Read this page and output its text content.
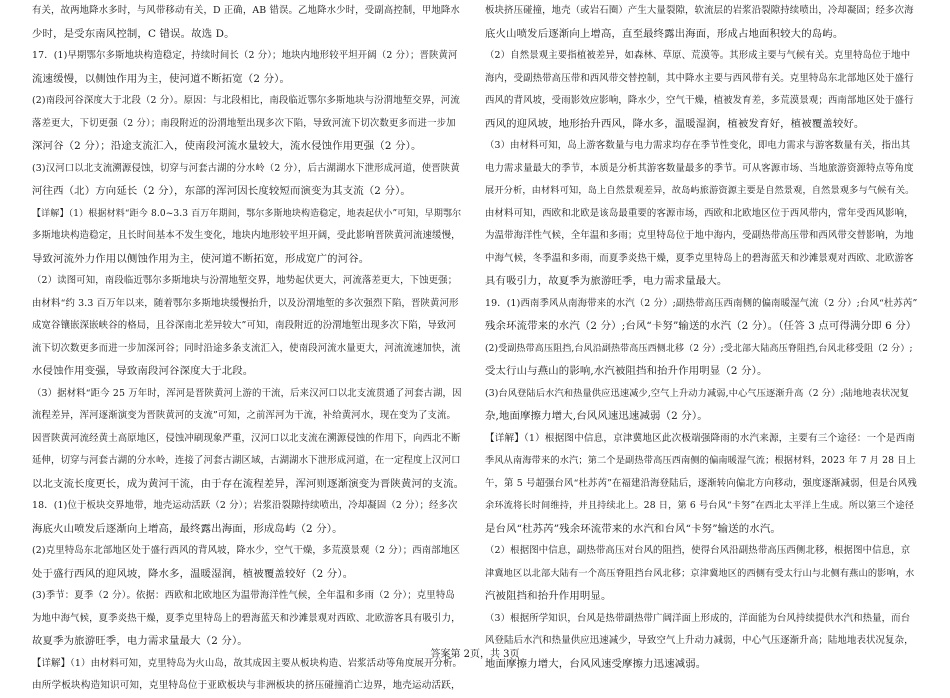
有关，故两地降水多时，与风带移动有关，D 正确，AB 错误。乙地降水少时，受副高控制，甲地降水
少时，是受东南风控制，C 错误。故选 D。
17．(1)早期鄂尔多斯地块构造稳定，持续时间长（2 分）；地块内地形较平坦开阔（2 分）；晋陕黄河
流速缓慢，以侧蚀作用为主，使河道不断拓宽（2 分）。
(2)南段河谷深度大于北段（2 分）。原因：与北段相比，南段临近鄂尔多斯地块与汾渭地堑交界，河流
落差更大，下切更强（2 分）；南段附近的汾渭地堑出现多次下陷，导致河流下切次数更多而进一步加
深河谷（2 分）；沿途支流汇入，使南段河流水量较大，流水侵蚀作用更强（2 分）。
(3)汉河口以北支流溯源侵蚀，切穿与河套古湖的分水岭（2 分），后古湖湖水下泄形成河道，使晋陕黄
河往西（北）方向延长（2 分），东部的浑河因长度较短而演变为其支流（2 分）。
【详解】（1）根据材料“距今 8.0~3.3 百万年期间，鄂尔多斯地块构造稳定，地表起伏小”可知，早期鄂尔
多斯地块构造稳定，且长时间基本不发生变化，地块内地形较平坦开阔，受此影响晋陕黄河流速缓慢，
导致河流外力作用以侧蚀作用为主，使河道不断拓宽，形成宽广的河谷。
（2）读图可知，南段临近鄂尔多斯地块与汾渭地堑交界，地势起伏更大，河流落差更大，下蚀更强；
由材料“约 3.3 百万年以来，随着鄂尔多斯地块缓慢抬升，以及汾渭地堑的多次强烈下陷，晋陕黄河形
成宽谷镶嵌深嵌峡谷的格局，且谷深南北差异较大”可知，南段附近的汾渭地堑出现多次下陷，导致河
流下切次数更多而进一步加深河谷；同时沿途多条支流汇入，使南段河流水量更大，河流流速加快，流
水侵蚀作用变强，导致南段河谷深度大于北段。
（3）据材料“距今 25 万年时，浑河是晋陕黄河上游的干流，后来汉河口以北支流贯通了河套古湖，因
流程差异，浑河逐渐演变为晋陕黄河的支流”可知，之前浑河为干流，补给黄河水，现在变为了支流。
因晋陕黄河流经黄土高原地区，侵蚀冲刷现象严重，汉河口以北支流在溯源侵蚀的作用下，向西北不断
延伸，切穿与河套古湖的分水岭，连接了河套古湖区域，古湖湖水下泄形成河道，在一定程度上汉河口
以北支流长度更长，成为黄河干流，由于存在流程差异，浑河则逐渐演变为晋陕黄河的支流。
18．(1)位于板块交界地带，地壳运动活跃（2 分）；岩浆沿裂隙持续喷出，冷却凝固（2 分）；经多次
海底火山喷发后逐渐向上增高，最终露出海面，形成岛屿（2 分）。
(2)克里特岛东北部地区处于盛行西风的背风坡，降水少，空气干燥，多荒漠景观（2 分）；西南部地区
处于盛行西风的迎风坡，降水多，温暖湿润，植被覆盖较好（2 分）。
(3)季节：夏季（2 分）。依据：西欧和北欧地区为温带海洋性气候，全年温和多雨（2 分）；克里特岛
为地中海气候，夏季炎热干燥，夏季克里特岛上的碧海蓝天和沙滩景观对西欧、北欧游客具有吸引力，
故夏季为旅游旺季，电力需求量最大（2 分）。
【详解】（1）由材料可知，克里特岛为火山岛，故其成因主要从板块构造、岩浆活动等角度展开分析。
由所学板块构造知识可知，克里特岛位于亚欧板块与非洲板块的挤压碰撞消亡边界，地壳运动活跃，
板块挤压碰撞，地壳（或岩石圈）产生大量裂隙，软流层的岩浆沿裂隙持续喷出，冷却凝固；经多次海
底火山喷发后逐渐向上增高，直至最终露出海面，形成占地面积较大的岛屿。
（2）自然景观主要指植被差异，如森林、草原、荒漠等。其形成主要与气候有关。克里特岛位于地中
海内，受副热带高压带和西风带交替控制，其中降水主要与西风带有关。克里特岛东北部地区处于盛行
西风的背风坡，受雨影效应影响，降水少，空气干燥，植被发育差，多荒漠景观；西南部地区处于盛行
西风的迎风坡，地形抬升西风，降水多，温暖湿润，植被发育好，植被覆盖较好。
（3）由材料可知，岛上游客数量与电力需求均存在季节性变化，即电力需求与游客数量有关，指出其
电力需求量最大的季节，本质是分析其游客数量最多的季节。可从客源市场、当地旅游资源特点等角度
展开分析，由材料可知，岛上自然景观差异，故岛屿旅游资源主要是自然景观，自然景观多与气候有关。
由材料可知，西欧和北欧是该岛最重要的客源市场，西欧和北欧地区位于西风带内，常年受西风影响，
为温带海洋性气候，全年温和多雨；克里特岛位于地中海内，受副热带高压带和西风带交替影响，为地
中海气候，冬季温和多雨，而夏季炎热干燥，夏季克里特岛上的碧海蓝天和沙滩景观对西欧、北欧游客
具有吸引力，故夏季为旅游旺季，电力需求量最大。
19．(1)西南季风从南海带来的水汽（2 分）;副热带高压西南侧的偏南暖湿气流（2 分）;台风“杜苏芮”
残余环流带来的水汽（2 分）;台风“卡努”输送的水汽（2 分）。（任答 3 点可得满分即 6 分）
(2)受副热带高压阻挡,台风沿副热带高压西侧北移（2 分）;受北部大陆高压脊阻挡,台风北移受阻（2 分）;
受太行山与燕山的影响,水汽被阻挡和抬升作用明显（2 分）。
(3)台风登陆后水汽和热量供应迅速减少,空气上升动力减弱,中心气压逐渐升高（2 分）;陆地地表状况复
杂,地面摩擦力增大,台风风速迅速减弱（2 分）。
【详解】（1）根据图中信息，京津冀地区此次极端强降雨的水汽来源，主要有三个途径：一个是西南
季风从南海带来的水汽；第二个是副热带高压西南侧的偏南暖湿气流；根据材料，2023 年 7 月 28 日上
午，第 5 号超强台风“杜苏芮”在福建沿海登陆后，逐渐转向偏北方向移动，强度逐渐减弱，但是台风残
余环流将长时间维持，并且持续北上。28 日，第 6 号台风“卡努”在西北太平洋上生成。所以第三个途径
是台风“杜苏芮”残余环流带来的水汽和台风“卡努”输送的水汽。
（2）根据图中信息，副热带高压对台风的阻挡，使得台风沿副热带高压西侧北移，根据图中信息，京
津冀地区以北部大陆有一个高压脊阻挡台风北移；京津冀地区的西侧有受太行山与北侧有燕山的影响，水
汽被阻挡和抬升作用明显。
（3）根据所学知识，台风是热带副热带广阔洋面上形成的，洋面能为台风持续提供水汽和热量，而台
风登陆后水汽和热量供应迅速减少，导致空气上升动力减弱，中心气压逐渐升高；陆地地表状况复杂，
地面摩擦力增大，台风风速受摩擦力迅速减弱。
答案第 2页，共 3页
